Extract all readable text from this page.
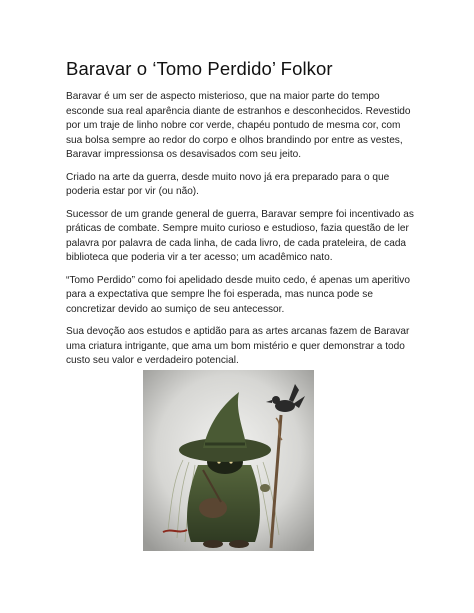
Baravar o ‘Tomo Perdido’ Folkor

Baravar é um ser de aspecto misterioso, que na maior parte do tempo esconde sua real aparência diante de estranhos e desconhecidos. Revestido por um traje de linho nobre cor verde, chapéu pontudo de mesma cor, com sua bolsa sempre ao redor do corpo e olhos brandindo por entre as vestes, Baravar impressionsa os desavisados com seu jeito.

Criado na arte da guerra, desde muito novo já era preparado para o que poderia estar por vir (ou não).

Sucessor de um grande general de guerra, Baravar sempre foi incentivado as práticas de combate. Sempre muito curioso e estudioso, fazia questão de ler palavra por palavra de cada linha, de cada livro, de cada prateleira, de cada biblioteca que poderia vir a ter acesso; um acadêmico nato.

“Tomo Perdido” como foi apelidado desde muito cedo, é apenas um aperitivo para a expectativa que sempre lhe foi esperada, mas nunca pode se concretizar devido ao sumiço de seu antecessor.

Sua devoção aos estudos e aptidão para as artes arcanas fazem de Baravar uma criatura intrigante, que ama um bom mistério e quer demonstrar a todo custo seu valor e verdadeiro potencial.
